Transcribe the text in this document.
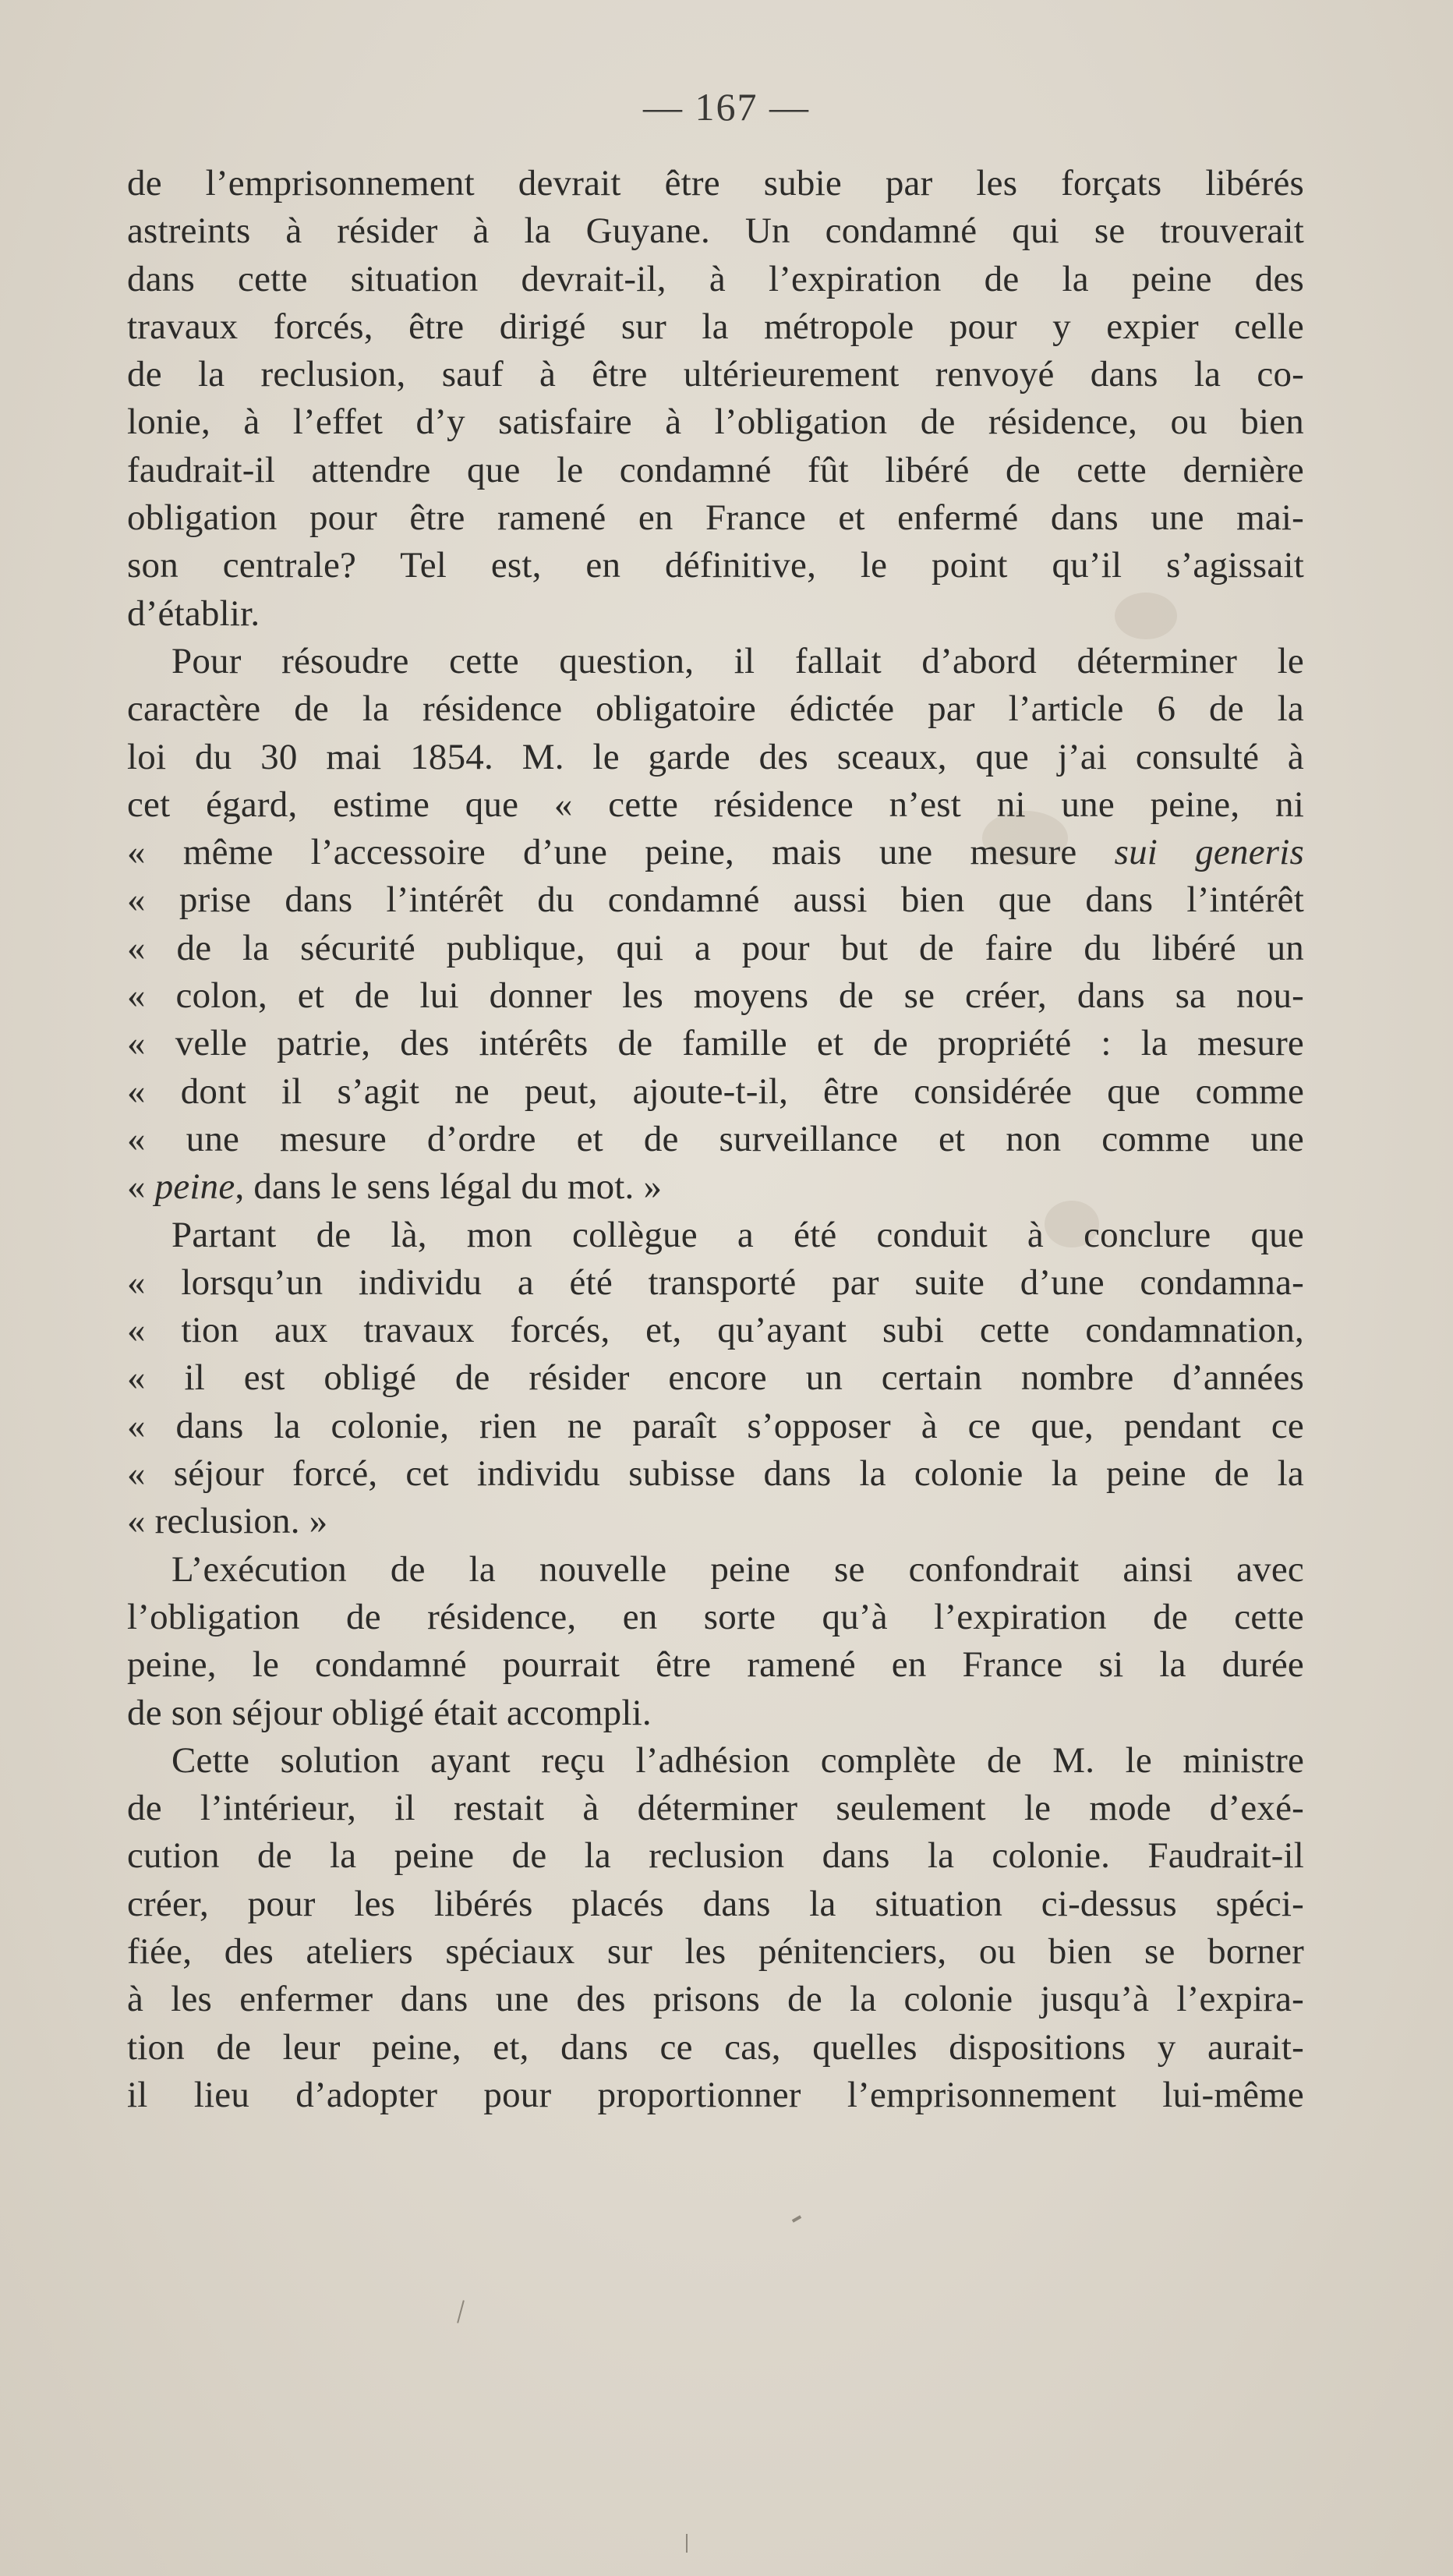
— 167 —

de l’emprisonnement devrait être subie par les forçats libérés
astreints à résider à la Guyane. Un condamné qui se trouverait
dans cette situation devrait-il, à l’expiration de la peine des
travaux forcés, être dirigé sur la métropole pour y expier celle
de la reclusion, sauf à être ultérieurement renvoyé dans la co-
lonie, à l’effet d’y satisfaire à l’obligation de résidence, ou bien
faudrait-il attendre que le condamné fût libéré de cette dernière
obligation pour être ramené en France et enfermé dans une mai-
son centrale? Tel est, en définitive, le point qu’il s’agissait
d’établir.

Pour résoudre cette question, il fallait d’abord déterminer le
caractère de la résidence obligatoire édictée par l’article 6 de la
loi du 30 mai 1854. M. le garde des sceaux, que j’ai consulté à
cet égard, estime que « cette résidence n’est ni une peine, ni
« même l’accessoire d’une peine, mais une mesure sui generis
« prise dans l’intérêt du condamné aussi bien que dans l’intérêt
« de la sécurité publique, qui a pour but de faire du libéré un
« colon, et de lui donner les moyens de se créer, dans sa nou-
« velle patrie, des intérêts de famille et de propriété : la mesure
« dont il s’agit ne peut, ajoute-t-il, être considérée que comme
« une mesure d’ordre et de surveillance et non comme une
« peine, dans le sens légal du mot. »

Partant de là, mon collègue a été conduit à conclure que
« lorsqu’un individu a été transporté par suite d’une condamna-
« tion aux travaux forcés, et, qu’ayant subi cette condamnation,
« il est obligé de résider encore un certain nombre d’années
« dans la colonie, rien ne paraît s’opposer à ce que, pendant ce
« séjour forcé, cet individu subisse dans la colonie la peine de la
« reclusion. »

L’exécution de la nouvelle peine se confondrait ainsi avec
l’obligation de résidence, en sorte qu’à l’expiration de cette
peine, le condamné pourrait être ramené en France si la durée
de son séjour obligé était accompli.

Cette solution ayant reçu l’adhésion complète de M. le ministre
de l’intérieur, il restait à déterminer seulement le mode d’exé-
cution de la peine de la reclusion dans la colonie. Faudrait-il
créer, pour les libérés placés dans la situation ci-dessus spéci-
fiée, des ateliers spéciaux sur les pénitenciers, ou bien se borner
à les enfermer dans une des prisons de la colonie jusqu’à l’expira-
tion de leur peine, et, dans ce cas, quelles dispositions y aurait-
il lieu d’adopter pour proportionner l’emprisonnement lui-même
